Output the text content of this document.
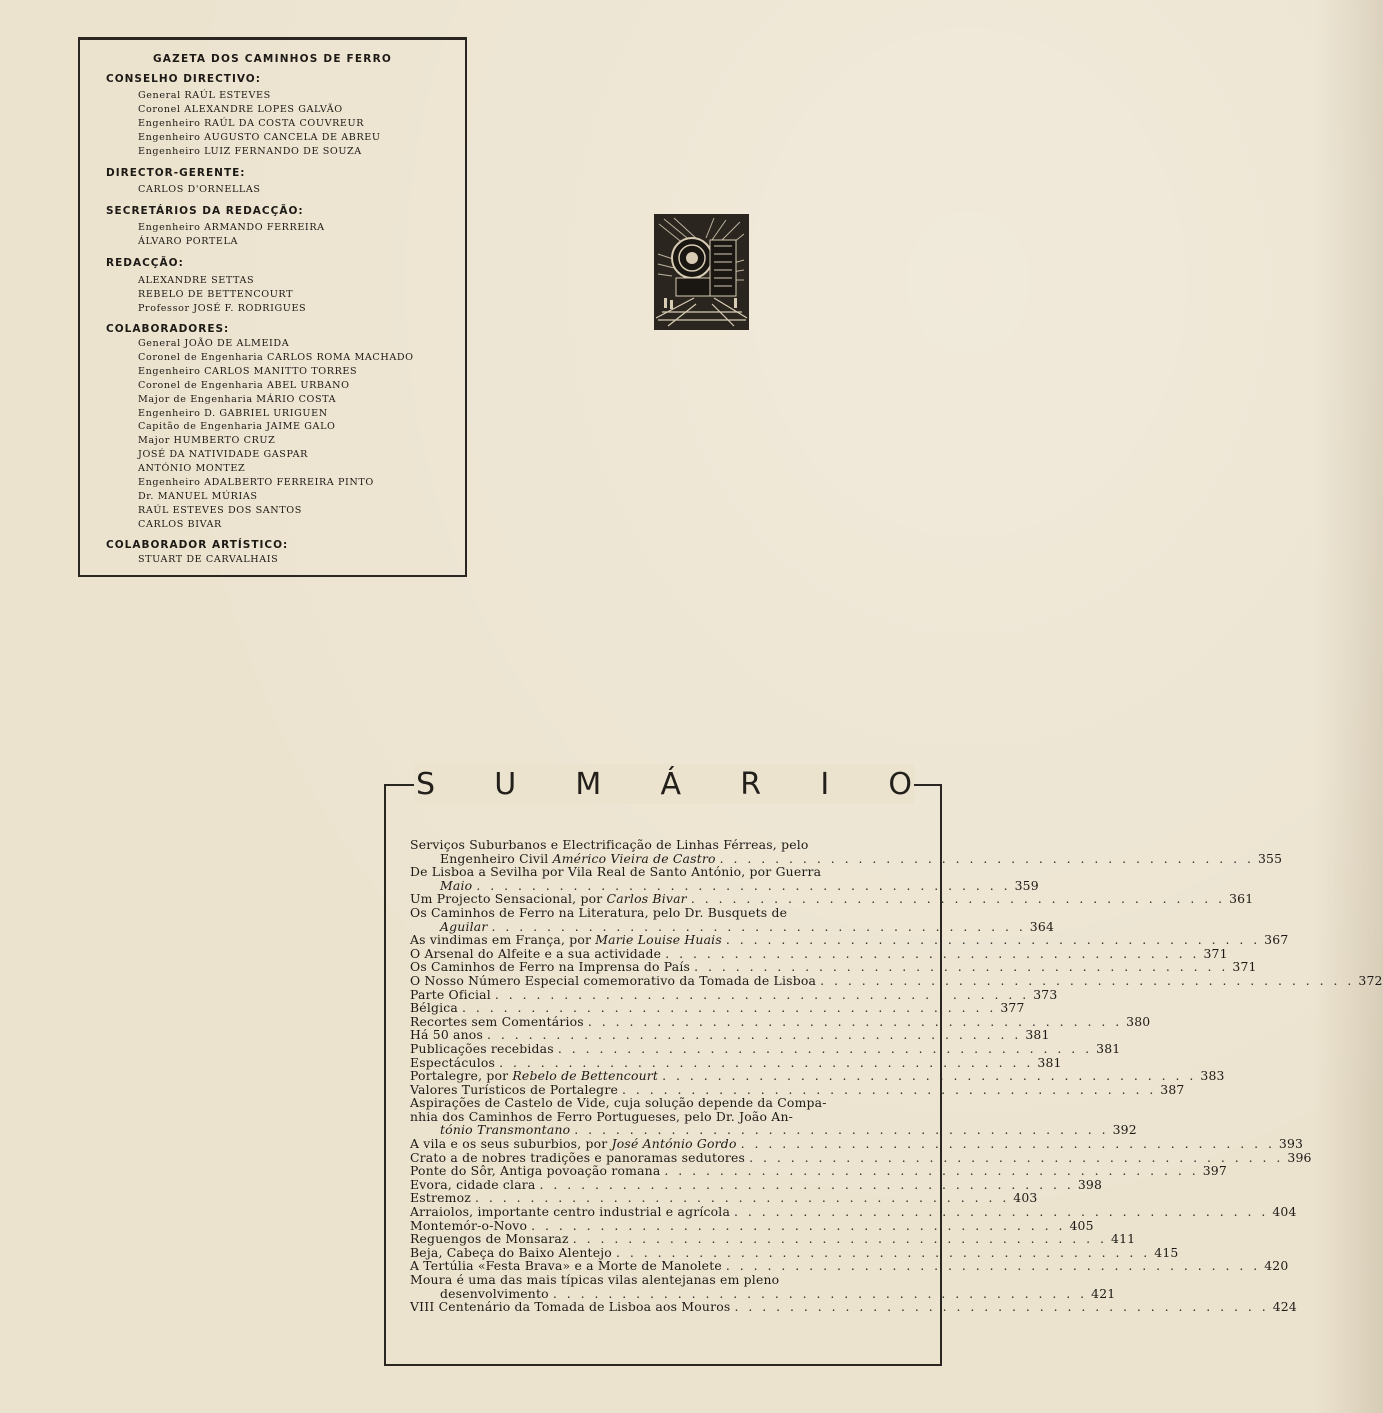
GAZETA DOS CAMINHOS DE FERRO
CONSELHO DIRECTIVO:
General RAÚL ESTEVES
Coronel ALEXANDRE LOPES GALVÃO
Engenheiro RAÚL DA COSTA COUVREUR
Engenheiro AUGUSTO CANCELA DE ABREU
Engenheiro LUIZ FERNANDO DE SOUZA
DIRECTOR-GERENTE:
CARLOS D'ORNELLAS
SECRETÁRIOS DA REDACÇÃO:
Engenheiro ARMANDO FERREIRA
ÁLVARO PORTELA
REDACÇÃO:
ALEXANDRE SETTAS
REBELO DE BETTENCOURT
Professor JOSÉ F. RODRIGUES
COLABORADORES:
General JOÃO DE ALMEIDA
Coronel de Engenharia CARLOS ROMA MACHADO
Engenheiro CARLOS MANITTO TORRES
Coronel de Engenharia ABEL URBANO
Major de Engenharia MÁRIO COSTA
Engenheiro D. GABRIEL URIGUEN
Capitão de Engenharia JAIME GALO
Major HUMBERTO CRUZ
JOSÉ DA NATIVIDADE GASPAR
ANTÓNIO MONTEZ
Engenheiro ADALBERTO FERREIRA PINTO
Dr. MANUEL MÚRIAS
RAÚL ESTEVES DOS SANTOS
CARLOS BIVAR
COLABORADOR ARTÍSTICO:
STUART DE CARVALHAIS
S U M Á R I O
Serviços Suburbanos e Electrificação de Linhas Férreas, pelo
Engenheiro Civil Américo Vieira de Castro . . . . . . . . . . . . . . . . . . . . . . . . . . . . . . . . . . . . . . . 355
De Lisboa a Sevilha por Vila Real de Santo António, por Guerra
Maio . . . . . . . . . . . . . . . . . . . . . . . . . . . . . . . . . . . . . . . 359
Um Projecto Sensacional, por Carlos Bivar . . . . . . . . . . . . . . . . . . . . . . . . . . . . . . . . . . . . . . . 361
Os Caminhos de Ferro na Literatura, pelo Dr. Busquets de
Aguilar . . . . . . . . . . . . . . . . . . . . . . . . . . . . . . . . . . . . . . . 364
As vindimas em França, por Marie Louise Huais . . . . . . . . . . . . . . . . . . . . . . . . . . . . . . . . . . . . . . . 367
O Arsenal do Alfeite e a sua actividade . . . . . . . . . . . . . . . . . . . . . . . . . . . . . . . . . . . . . . . 371
Os Caminhos de Ferro na Imprensa do País . . . . . . . . . . . . . . . . . . . . . . . . . . . . . . . . . . . . . . . 371
O Nosso Número Especial comemorativo da Tomada de Lisboa . . . . . . . . . . . . . . . . . . . . . . . . . . . . . . . . . . . . . . . 372
Parte Oficial . . . . . . . . . . . . . . . . . . . . . . . . . . . . . . . . . . . . . . . 373
Bélgica . . . . . . . . . . . . . . . . . . . . . . . . . . . . . . . . . . . . . . . 377
Recortes sem Comentários . . . . . . . . . . . . . . . . . . . . . . . . . . . . . . . . . . . . . . . 380
Há 50 anos . . . . . . . . . . . . . . . . . . . . . . . . . . . . . . . . . . . . . . . 381
Publicações recebidas . . . . . . . . . . . . . . . . . . . . . . . . . . . . . . . . . . . . . . . 381
Espectáculos . . . . . . . . . . . . . . . . . . . . . . . . . . . . . . . . . . . . . . . 381
Portalegre, por Rebelo de Bettencourt . . . . . . . . . . . . . . . . . . . . . . . . . . . . . . . . . . . . . . . 383
Valores Turísticos de Portalegre . . . . . . . . . . . . . . . . . . . . . . . . . . . . . . . . . . . . . . . 387
Aspirações de Castelo de Vide, cuja solução depende da Compa-
nhia dos Caminhos de Ferro Portugueses, pelo Dr. João An-
tónio Transmontano . . . . . . . . . . . . . . . . . . . . . . . . . . . . . . . . . . . . . . . 392
A vila e os seus suburbios, por José António Gordo . . . . . . . . . . . . . . . . . . . . . . . . . . . . . . . . . . . . . . . 393
Crato a de nobres tradições e panoramas sedutores . . . . . . . . . . . . . . . . . . . . . . . . . . . . . . . . . . . . . . . 396
Ponte do Sôr, Antiga povoação romana . . . . . . . . . . . . . . . . . . . . . . . . . . . . . . . . . . . . . . . 397
Evora, cidade clara . . . . . . . . . . . . . . . . . . . . . . . . . . . . . . . . . . . . . . . 398
Estremoz . . . . . . . . . . . . . . . . . . . . . . . . . . . . . . . . . . . . . . . 403
Arraiolos, importante centro industrial e agrícola . . . . . . . . . . . . . . . . . . . . . . . . . . . . . . . . . . . . . . . 404
Montemór-o-Novo . . . . . . . . . . . . . . . . . . . . . . . . . . . . . . . . . . . . . . . 405
Reguengos de Monsaraz . . . . . . . . . . . . . . . . . . . . . . . . . . . . . . . . . . . . . . . 411
Beja, Cabeça do Baixo Alentejo . . . . . . . . . . . . . . . . . . . . . . . . . . . . . . . . . . . . . . . 415
A Tertúlia «Festa Brava» e a Morte de Manolete . . . . . . . . . . . . . . . . . . . . . . . . . . . . . . . . . . . . . . . 420
Moura é uma das mais típicas vilas alentejanas em pleno
desenvolvimento . . . . . . . . . . . . . . . . . . . . . . . . . . . . . . . . . . . . . . . 421
VIII Centenário da Tomada de Lisboa aos Mouros . . . . . . . . . . . . . . . . . . . . . . . . . . . . . . . . . . . . . . . 424
